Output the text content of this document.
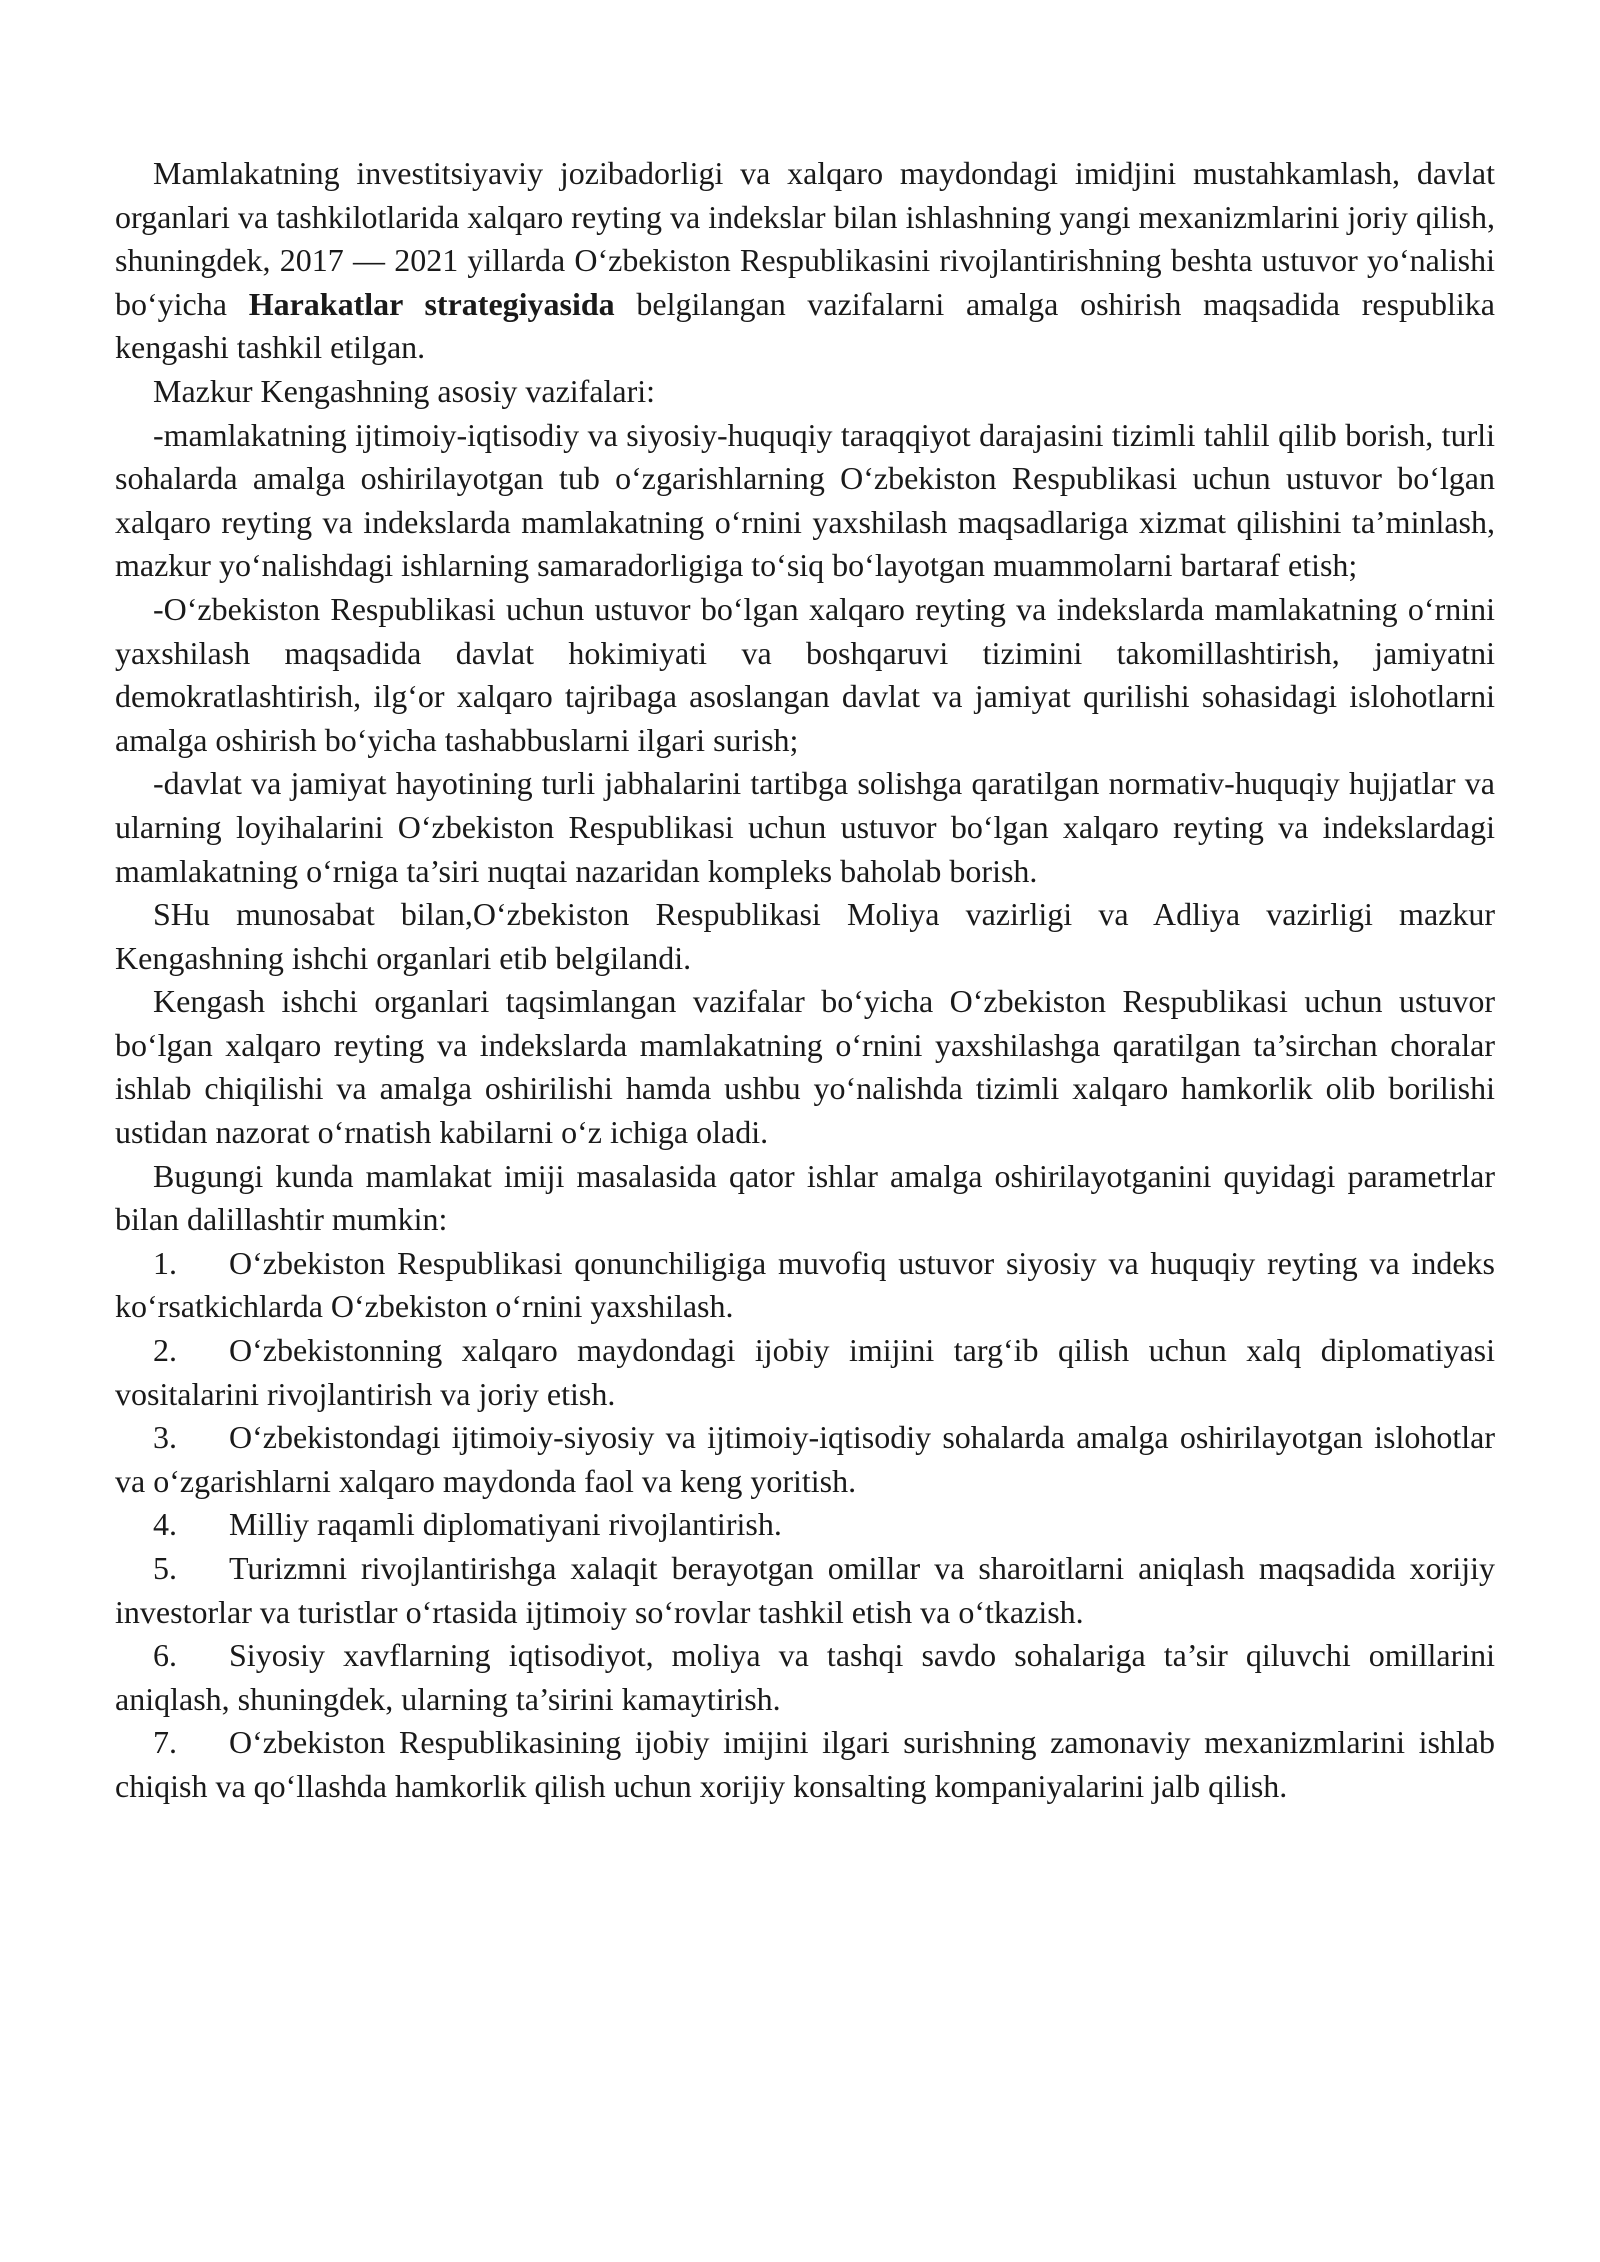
Mamlakatning investitsiyaviy jozibadorligi va xalqaro maydondagi imidjini mustahkamlash, davlat organlari va tashkilotlarida xalqaro reyting va indekslar bilan ishlashning yangi mexanizmlarini joriy qilish, shuningdek, 2017 — 2021 yillarda O‘zbekiston Respublikasini rivojlantirishning beshta ustuvor yo‘nalishi bo‘yicha Harakatlar strategiyasida belgilangan vazifalarni amalga oshirish maqsadida respublika kengashi tashkil etilgan.

Mazkur Kengashning asosiy vazifalari:

-mamlakatning ijtimoiy-iqtisodiy va siyosiy-huquqiy taraqqiyot darajasini tizimli tahlil qilib borish, turli sohalarda amalga oshirilayotgan tub o‘zgarishlarning O‘zbekiston Respublikasi uchun ustuvor bo‘lgan xalqaro reyting va indekslarda mamlakatning o‘rnini yaxshilash maqsadlariga xizmat qilishini ta’minlash, mazkur yo‘nalishdagi ishlarning samaradorligiga to‘siq bo‘layotgan muammolarni bartaraf etish;

-O‘zbekiston Respublikasi uchun ustuvor bo‘lgan xalqaro reyting va indekslarda mamlakatning o‘rnini yaxshilash maqsadida davlat hokimiyati va boshqaruvi tizimini takomillashtirish, jamiyatni demokratlashtirish, ilg‘or xalqaro tajribaga asoslangan davlat va jamiyat qurilishi sohasidagi islohotlarni amalga oshirish bo‘yicha tashabbuslarni ilgari surish;

-davlat va jamiyat hayotining turli jabhalarini tartibga solishga qaratilgan normativ-huquqiy hujjatlar va ularning loyihalarini O‘zbekiston Respublikasi uchun ustuvor bo‘lgan xalqaro reyting va indekslardagi mamlakatning o‘rniga ta’siri nuqtai nazaridan kompleks baholab borish.

SHu munosabat bilan,O‘zbekiston Respublikasi Moliya vazirligi va Adliya vazirligi mazkur Kengashning ishchi organlari etib belgilandi.

Kengash ishchi organlari taqsimlangan vazifalar bo‘yicha O‘zbekiston Respublikasi uchun ustuvor bo‘lgan xalqaro reyting va indekslarda mamlakatning o‘rnini yaxshilashga qaratilgan ta’sirchan choralar ishlab chiqilishi va amalga oshirilishi hamda ushbu yo‘nalishda tizimli xalqaro hamkorlik olib borilishi ustidan nazorat o‘rnatish kabilarni o‘z ichiga oladi.

Bugungi kunda mamlakat imiji masalasida qator ishlar amalga oshirilayotganini quyidagi parametrlar bilan dalillashtir mumkin:

1. O‘zbekiston Respublikasi qonunchiligiga muvofiq ustuvor siyosiy va huquqiy reyting va indeks ko‘rsatkichlarda O‘zbekiston o‘rnini yaxshilash.

2. O‘zbekistonning xalqaro maydondagi ijobiy imijini targ‘ib qilish uchun xalq diplomatiyasi vositalarini rivojlantirish va joriy etish.

3. O‘zbekistondagi ijtimoiy-siyosiy va ijtimoiy-iqtisodiy sohalarda amalga oshirilayotgan islohotlar va o‘zgarishlarni xalqaro maydonda faol va keng yoritish.

4. Milliy raqamli diplomatiyani rivojlantirish.

5. Turizmni rivojlantirishga xalaqit berayotgan omillar va sharoitlarni aniqlash maqsadida xorijiy investorlar va turistlar o‘rtasida ijtimoiy so‘rovlar tashkil etish va o‘tkazish.

6. Siyosiy xavflarning iqtisodiyot, moliya va tashqi savdo sohalariga ta’sir qiluvchi omillarini aniqlash, shuningdek, ularning ta’sirini kamaytirish.

7. O‘zbekiston Respublikasining ijobiy imijini ilgari surishning zamonaviy mexanizmlarini ishlab chiqish va qo‘llashda hamkorlik qilish uchun xorijiy konsalting kompaniyalarini jalb qilish.
